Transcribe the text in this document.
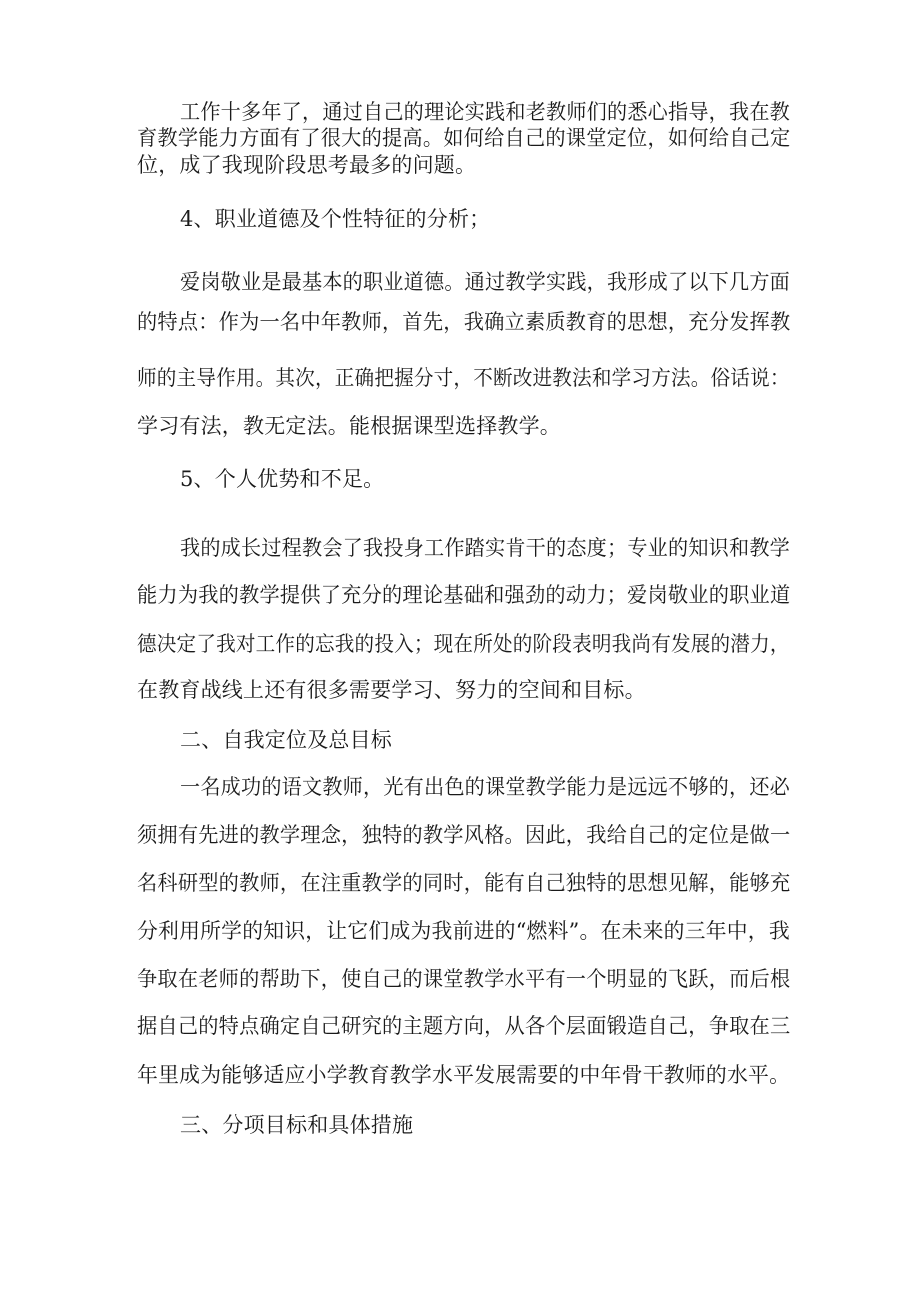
工作十多年了，通过自己的理论实践和老教师们的悉心指导，我在教
育教学能力方面有了很大的提高。如何给自己的课堂定位，如何给自己定
位，成了我现阶段思考最多的问题。
4、职业道德及个性特征的分析；
爱岗敬业是最基本的职业道德。通过教学实践，我形成了以下几方面
的特点：作为一名中年教师，首先，我确立素质教育的思想，充分发挥教
师的主导作用。其次，正确把握分寸，不断改进教法和学习方法。俗话说：
学习有法，教无定法。能根据课型选择教学。
5、个人优势和不足。
我的成长过程教会了我投身工作踏实肯干的态度；专业的知识和教学
能力为我的教学提供了充分的理论基础和强劲的动力；爱岗敬业的职业道
德决定了我对工作的忘我的投入；现在所处的阶段表明我尚有发展的潜力，
在教育战线上还有很多需要学习、努力的空间和目标。
二、自我定位及总目标
一名成功的语文教师，光有出色的课堂教学能力是远远不够的，还必
须拥有先进的教学理念，独特的教学风格。因此，我给自己的定位是做一
名科研型的教师，在注重教学的同时，能有自己独特的思想见解，能够充
分利用所学的知识，让它们成为我前进的“燃料”。在未来的三年中，我
争取在老师的帮助下，使自己的课堂教学水平有一个明显的飞跃，而后根
据自己的特点确定自己研究的主题方向，从各个层面锻造自己，争取在三
年里成为能够适应小学教育教学水平发展需要的中年骨干教师的水平。
三、分项目标和具体措施
